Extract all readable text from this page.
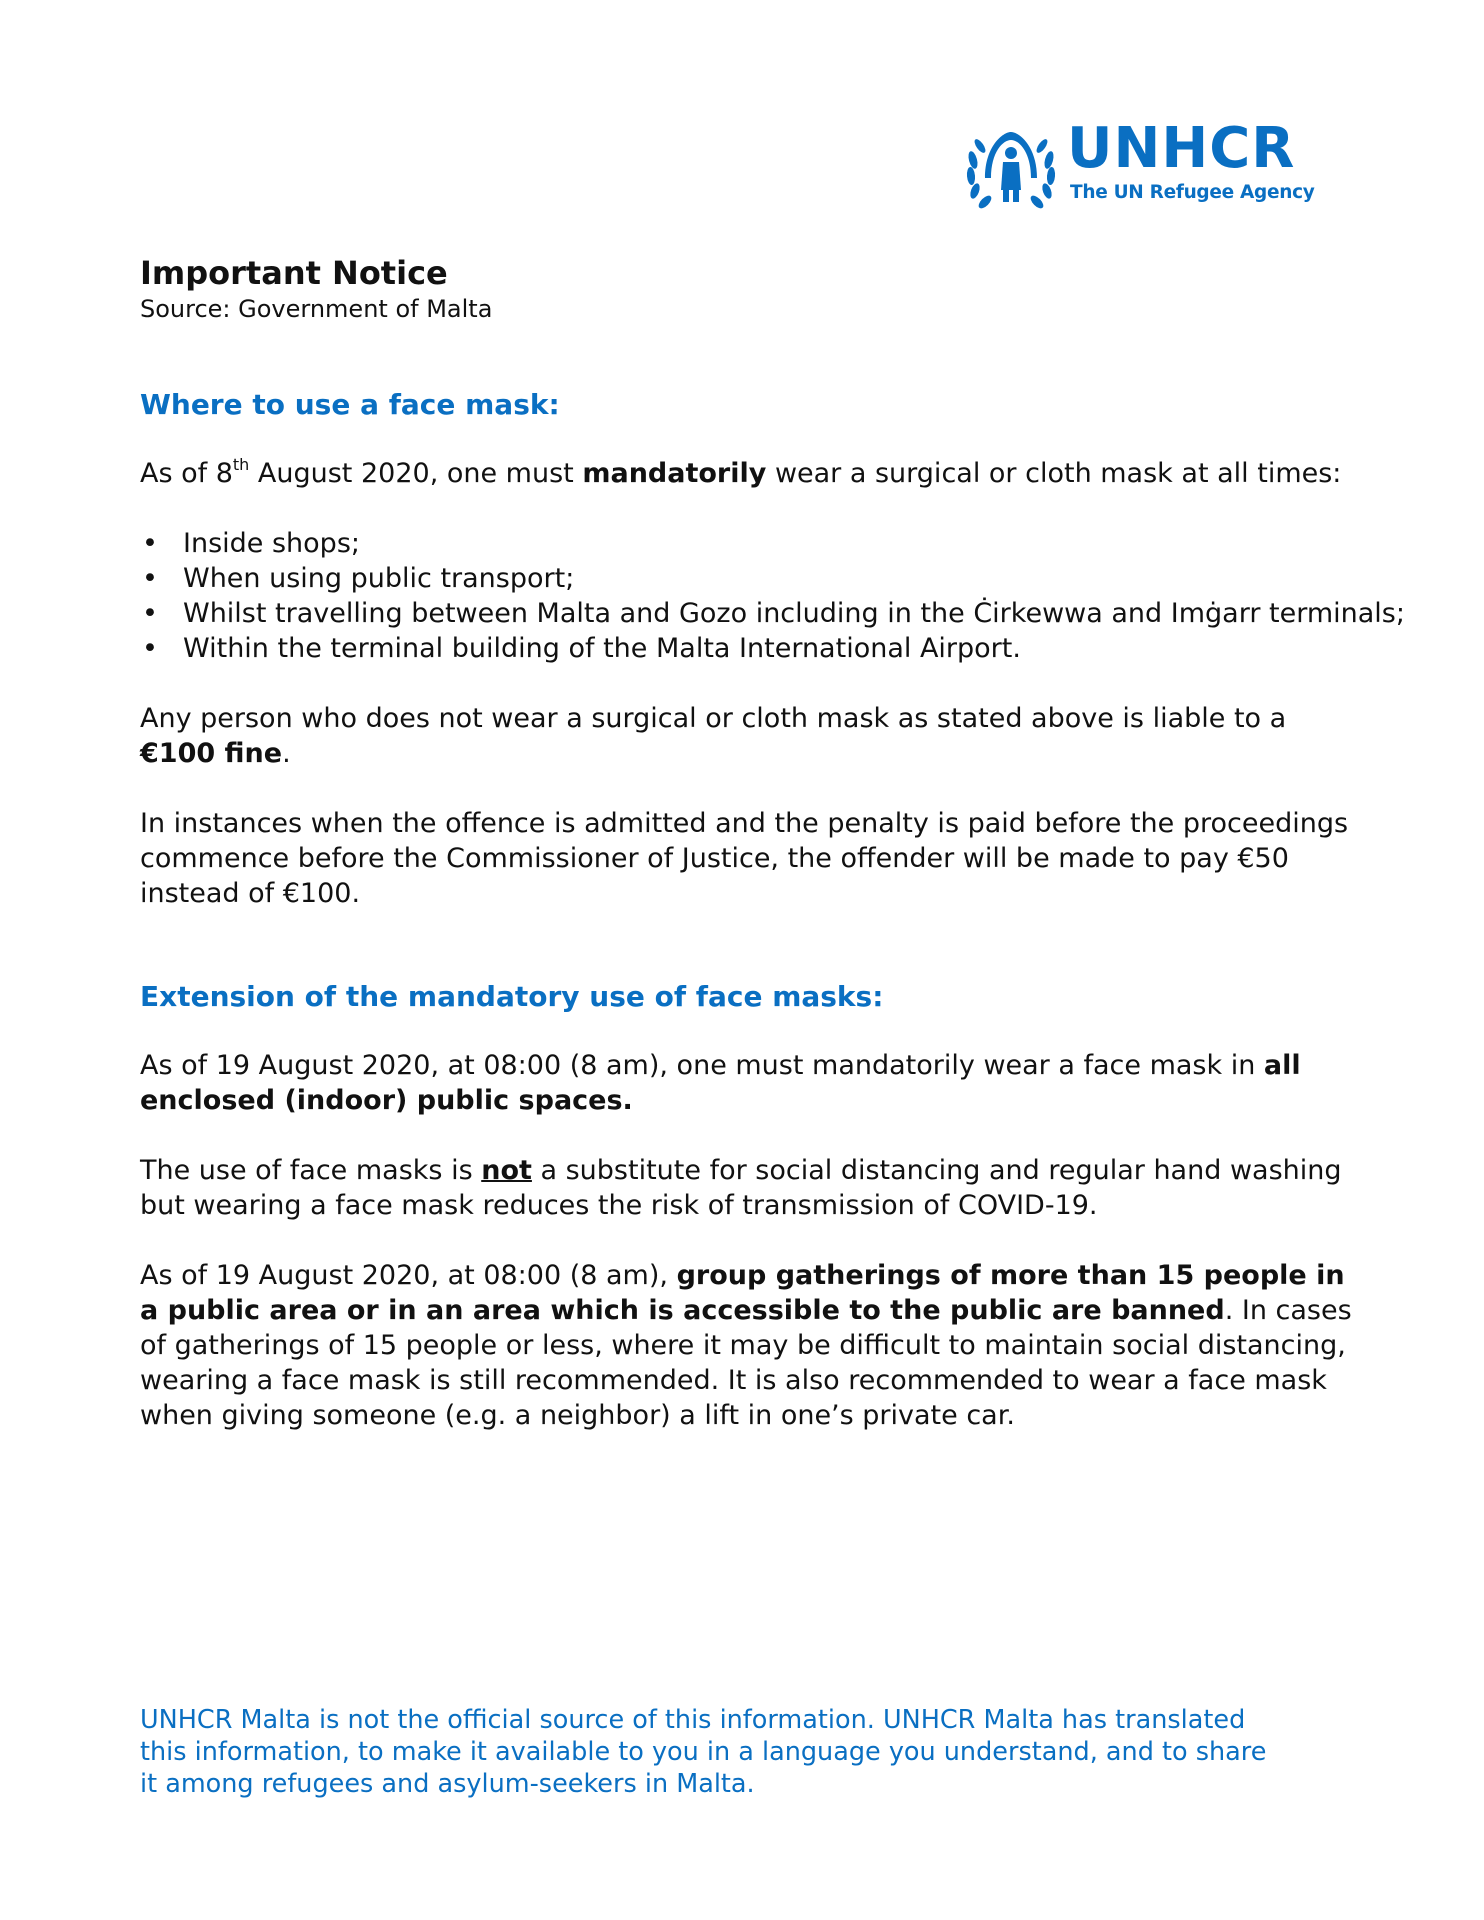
UNHCR
The UN Refugee Agency
Important Notice

Source: Government of Malta

Where to use a face mask:

As of 8th August 2020, one must mandatorily wear a surgical or cloth mask at all times:

• Inside shops;
• When using public transport;
• Whilst travelling between Malta and Gozo including in the Ċirkewwa and Imġarr terminals;
• Within the terminal building of the Malta International Airport.

Any person who does not wear a surgical or cloth mask as stated above is liable to a €100 fine.

In instances when the offence is admitted and the penalty is paid before the proceedings commence before the Commissioner of Justice, the offender will be made to pay €50 instead of €100.

Extension of the mandatory use of face masks:

As of 19 August 2020, at 08:00 (8 am), one must mandatorily wear a face mask in all enclosed (indoor) public spaces.

The use of face masks is not a substitute for social distancing and regular hand washing but wearing a face mask reduces the risk of transmission of COVID-19.

As of 19 August 2020, at 08:00 (8 am), group gatherings of more than 15 people in a public area or in an area which is accessible to the public are banned. In cases of gatherings of 15 people or less, where it may be difficult to maintain social distancing, wearing a face mask is still recommended. It is also recommended to wear a face mask when giving someone (e.g. a neighbor) a lift in one’s private car.

UNHCR Malta is not the official source of this information. UNHCR Malta has translated this information, to make it available to you in a language you understand, and to share it among refugees and asylum-seekers in Malta.
